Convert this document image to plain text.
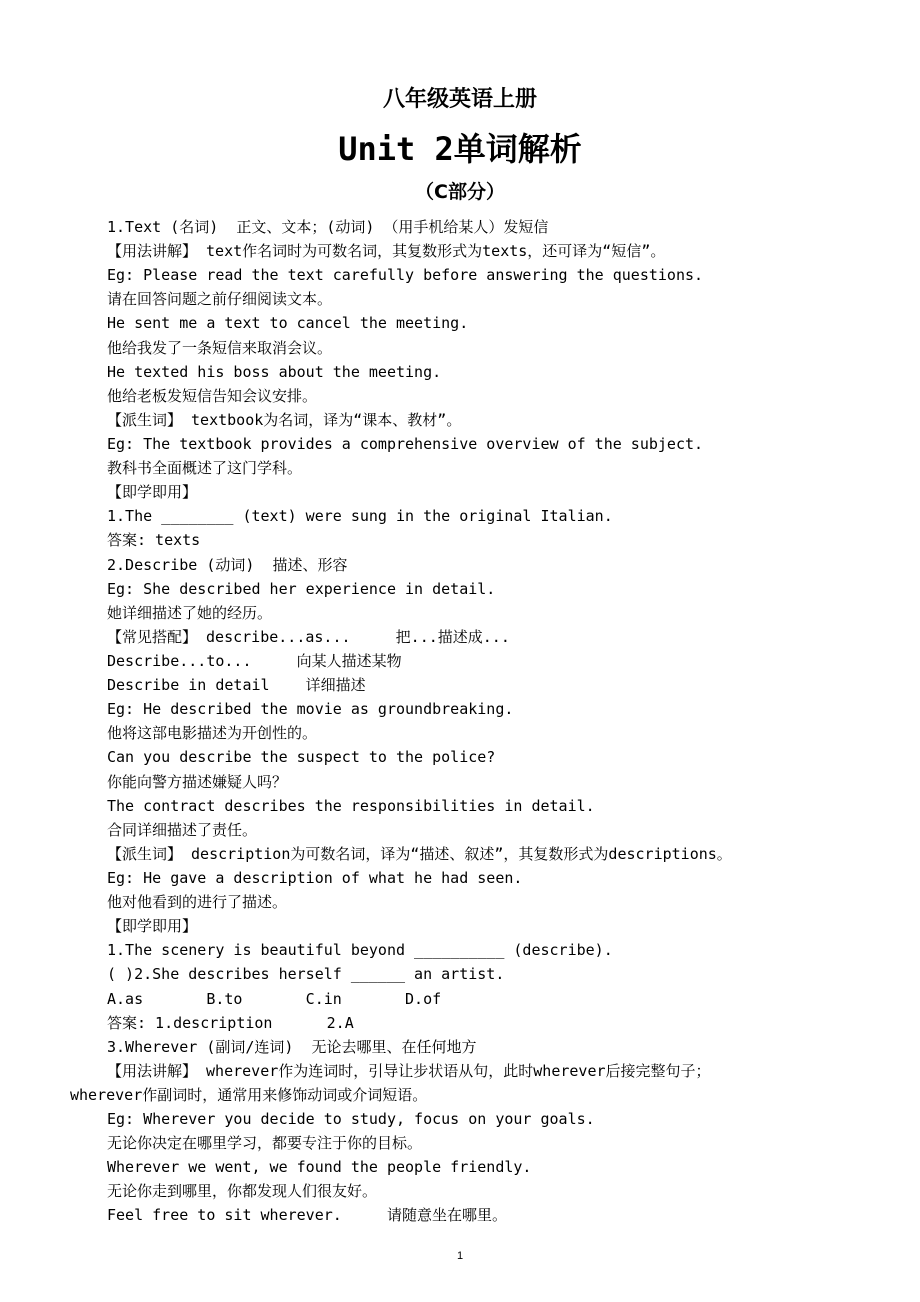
八年级英语上册
Unit 2单词解析
（C部分）
1.Text (名词)  正文、文本；(动词) （用手机给某人）发短信
【用法讲解】 text作名词时为可数名词，其复数形式为texts，还可译为“短信”。
Eg: Please read the text carefully before answering the questions.
请在回答问题之前仔细阅读文本。
He sent me a text to cancel the meeting.
他给我发了一条短信来取消会议。
He texted his boss about the meeting.
他给老板发短信告知会议安排。
【派生词】 textbook为名词，译为“课本、教材”。
Eg: The textbook provides a comprehensive overview of the subject.
教科书全面概述了这门学科。
【即学即用】
1.The ________ (text) were sung in the original Italian.
答案: texts
2.Describe (动词)  描述、形容
Eg: She described her experience in detail.
她详细描述了她的经历。
【常见搭配】 describe...as...     把...描述成...
Describe...to...     向某人描述某物
Describe in detail    详细描述
Eg: He described the movie as groundbreaking.
他将这部电影描述为开创性的。
Can you describe the suspect to the police?
你能向警方描述嫌疑人吗？
The contract describes the responsibilities in detail.
合同详细描述了责任。
【派生词】 description为可数名词，译为“描述、叙述”，其复数形式为descriptions。
Eg: He gave a description of what he had seen.
他对他看到的进行了描述。
【即学即用】
1.The scenery is beautiful beyond __________ (describe).
( )2.She describes herself ______ an artist.
A.as       B.to       C.in       D.of
答案: 1.description      2.A
3.Wherever (副词/连词)  无论去哪里、在任何地方
【用法讲解】 wherever作为连词时，引导让步状语从句，此时wherever后接完整句子；
wherever作副词时，通常用来修饰动词或介词短语。
Eg: Wherever you decide to study, focus on your goals.
无论你决定在哪里学习，都要专注于你的目标。
Wherever we went, we found the people friendly.
无论你走到哪里，你都发现人们很友好。
Feel free to sit wherever.     请随意坐在哪里。
1
